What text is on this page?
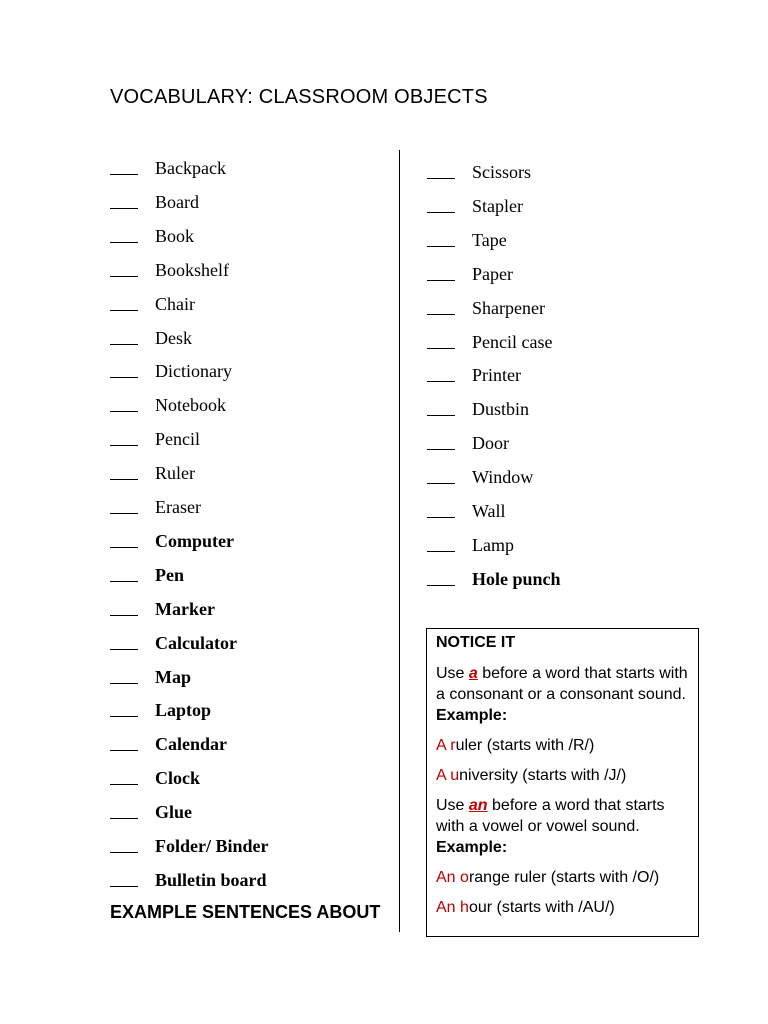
VOCABULARY: CLASSROOM OBJECTS
Backpack
Board
Book
Bookshelf
Chair
Desk
Dictionary
Notebook
Pencil
Ruler
Eraser
Computer
Pen
Marker
Calculator
Map
Laptop
Calendar
Clock
Glue
Folder/ Binder
Bulletin board
Scissors
Stapler
Tape
Paper
Sharpener
Pencil case
Printer
Dustbin
Door
Window
Wall
Lamp
Hole punch
EXAMPLE SENTENCES ABOUT
NOTICE IT
Use a before a word that starts with a consonant or a consonant sound. Example:
A ruler (starts with /R/)
A university (starts with /J/)
Use an before a word that starts with a vowel or vowel sound. Example:
An orange ruler (starts with /O/)
An hour (starts with /AU/)
